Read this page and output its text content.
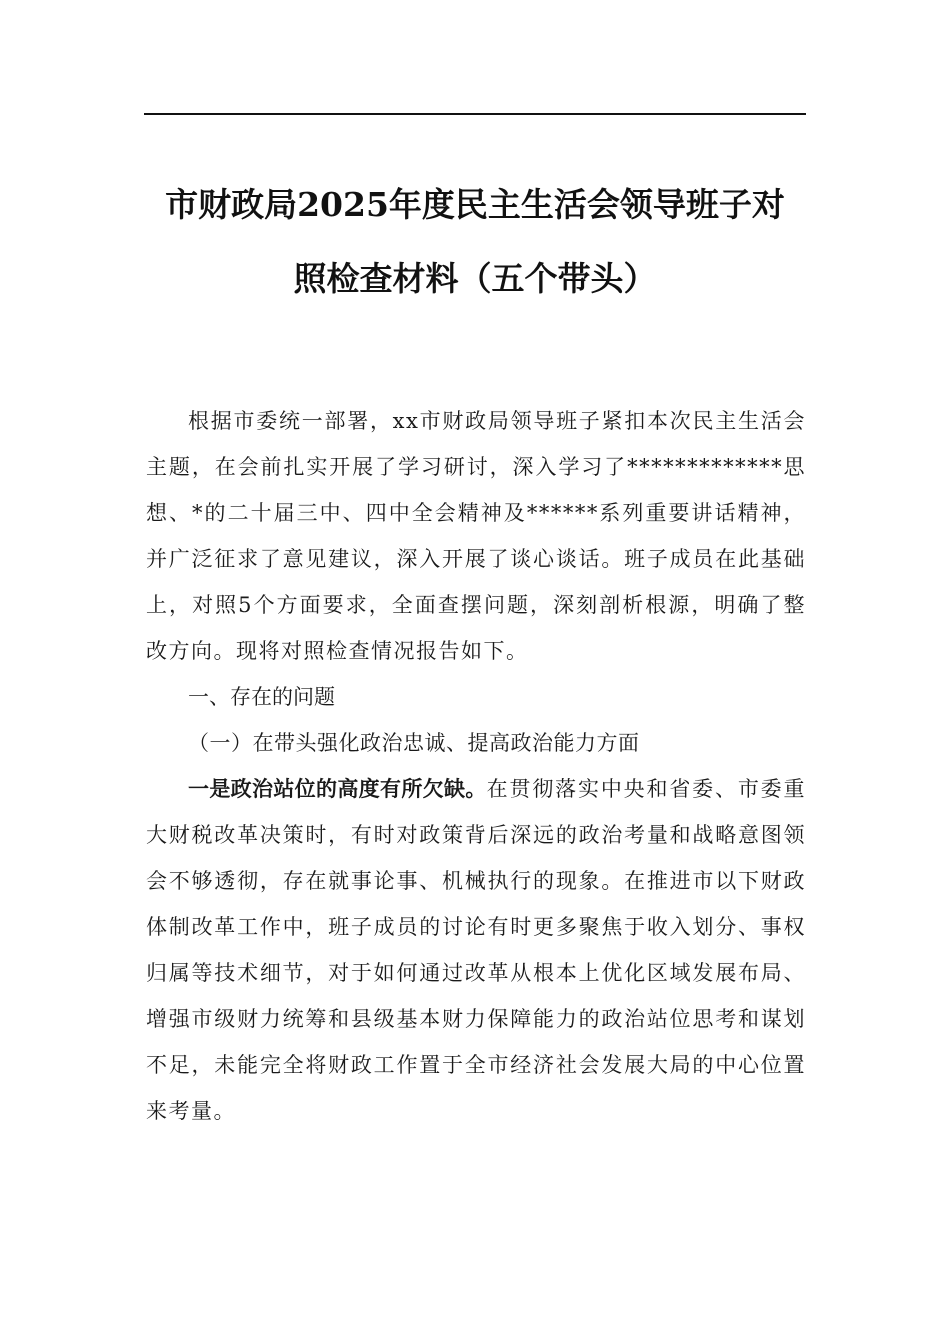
市财政局2025年度民主生活会领导班子对
照检查材料（五个带头）

根据市委统一部署，xx市财政局领导班子紧扣本次民主生活会主题，在会前扎实开展了学习研讨，深入学习了*************思想、*的二十届三中、四中全会精神及******系列重要讲话精神，并广泛征求了意见建议，深入开展了谈心谈话。班子成员在此基础上，对照5个方面要求，全面查摆问题，深刻剖析根源，明确了整改方向。现将对照检查情况报告如下。

一、存在的问题

（一）在带头强化政治忠诚、提高政治能力方面

一是政治站位的高度有所欠缺。在贯彻落实中央和省委、市委重大财税改革决策时，有时对政策背后深远的政治考量和战略意图领会不够透彻，存在就事论事、机械执行的现象。在推进市以下财政体制改革工作中，班子成员的讨论有时更多聚焦于收入划分、事权归属等技术细节，对于如何通过改革从根本上优化区域发展布局、增强市级财力统筹和县级基本财力保障能力的政治站位思考和谋划不足，未能完全将财政工作置于全市经济社会发展大局的中心位置来考量。
